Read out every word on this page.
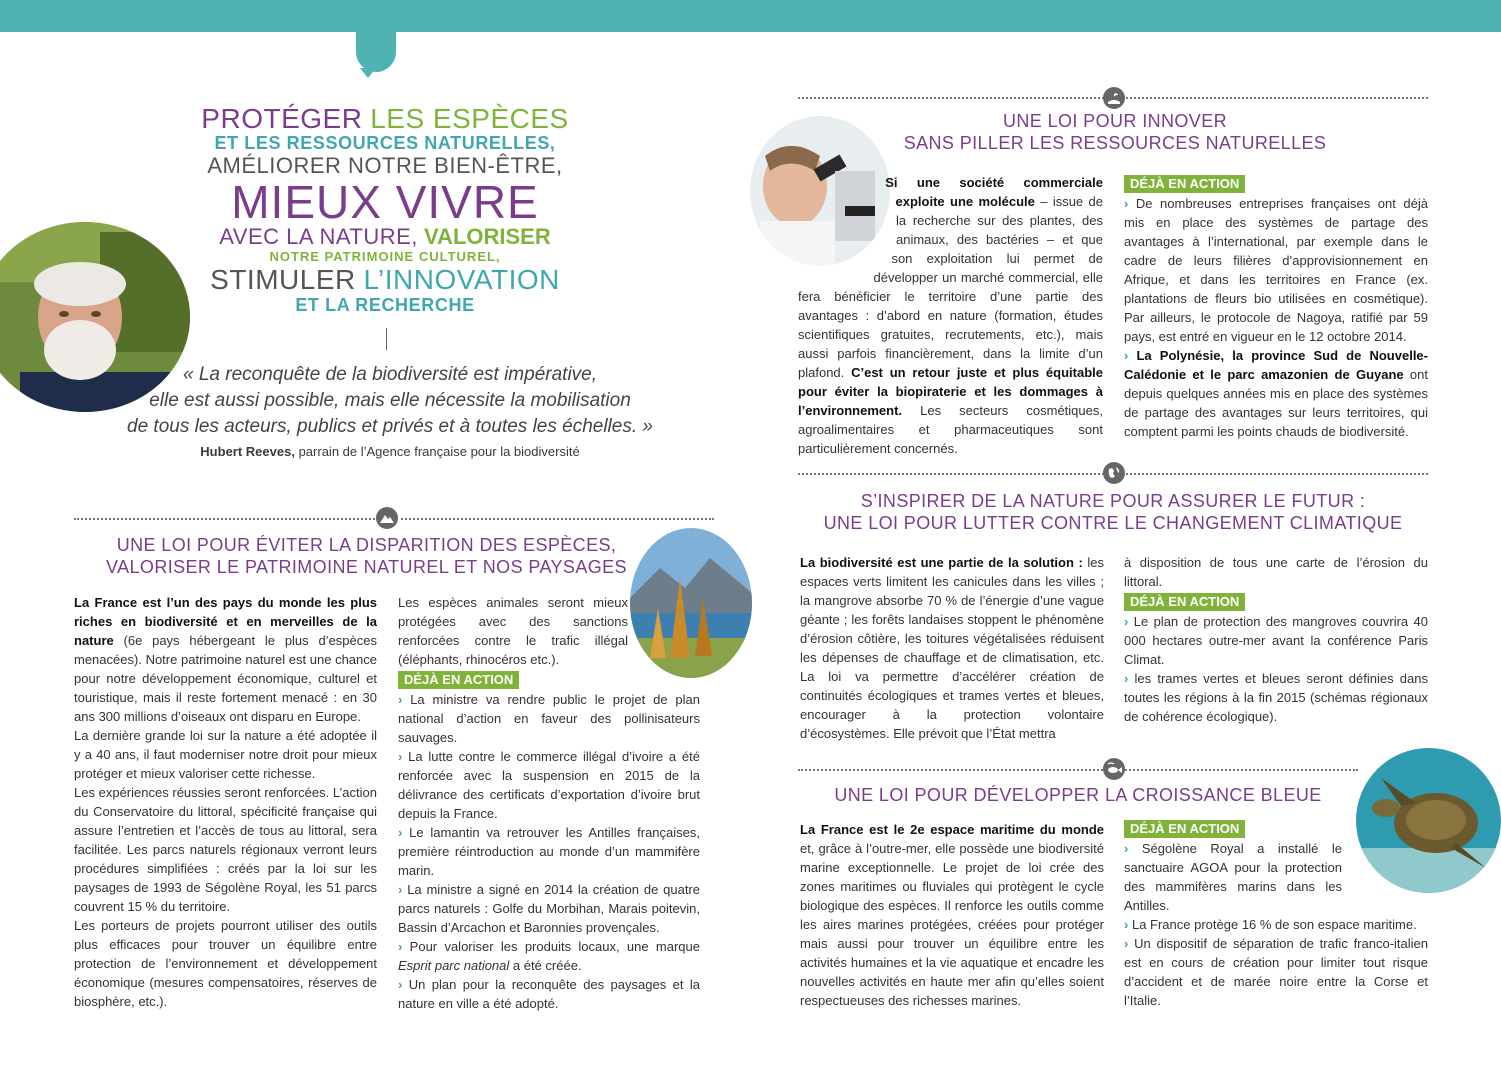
PROTÉGER LES ESPÈCES
ET LES RESSOURCES NATURELLES,
AMÉLIORER NOTRE BIEN-ÊTRE,
MIEUX VIVRE
AVEC LA NATURE, VALORISER
NOTRE PATRIMOINE CULTUREL,
STIMULER L’INNOVATION
ET LA RECHERCHE
« La reconquête de la biodiversité est impérative,
elle est aussi possible, mais elle nécessite la mobilisation
de tous les acteurs, publics et privés et à toutes les échelles. »
Hubert Reeves, parrain de l’Agence française pour la biodiversité
UNE LOI POUR ÉVITER LA DISPARITION DES ESPÈCES,
VALORISER LE PATRIMOINE NATUREL ET NOS PAYSAGES

La France est l’un des pays du monde les plus riches en biodiversité et en merveilles de la nature (6e pays hébergeant le plus d’espèces menacées). Notre patrimoine naturel est une chance pour notre développement économique, culturel et touristique, mais il reste fortement menacé : en 30 ans 300 millions d’oiseaux ont disparu en Europe.

La dernière grande loi sur la nature a été adoptée il y a 40 ans, il faut moderniser notre droit pour mieux protéger et mieux valoriser cette richesse.

Les expériences réussies seront renforcées. L’action du Conservatoire du littoral, spécificité française qui assure l’entretien et l’accès de tous au littoral, sera facilitée. Les parcs naturels régionaux verront leurs procédures simplifiées : créés par la loi sur les paysages de 1993 de Ségolène Royal, les 51 parcs couvrent 15 % du territoire.

Les porteurs de projets pourront utiliser des outils plus efficaces pour trouver un équilibre entre protection de l’environnement et développement économique (mesures compensatoires, réserves de biosphère, etc.).

Les espèces animales seront mieux protégées avec des sanctions renforcées contre le trafic illégal (éléphants, rhinocéros etc.).

DÉJÀ EN ACTION

› La ministre va rendre public le projet de plan national d’action en faveur des pollinisateurs sauvages.

› La lutte contre le commerce illégal d’ivoire a été renforcée avec la suspension en 2015 de la délivrance des certificats d’exportation d’ivoire brut depuis la France.

› Le lamantin va retrouver les Antilles françaises, première réintroduction au monde d’un mammifère marin.

› La ministre a signé en 2014 la création de quatre parcs naturels : Golfe du Morbihan, Marais poitevin, Bassin d’Arcachon et Baronnies provençales.

› Pour valoriser les produits locaux, une marque Esprit parc national a été créée.

› Un plan pour la reconquête des paysages et la nature en ville a été adopté.

UNE LOI POUR INNOVER
SANS PILLER LES RESSOURCES NATURELLES

Si une société commerciale exploite une molécule – issue de la recherche sur des plantes, des animaux, des bactéries – et que son exploitation lui permet de développer un marché commercial, elle fera bénéficier le territoire d’une partie des avantages : d’abord en nature (formation, études scientifiques gratuites, recrutements, etc.), mais aussi parfois financièrement, dans la limite d’un plafond. C’est un retour juste et plus équitable pour éviter la biopiraterie et les dommages à l’environnement. Les secteurs cosmétiques, agroalimentaires et pharmaceutiques sont particulièrement concernés.

DÉJÀ EN ACTION

› De nombreuses entreprises françaises ont déjà mis en place des systèmes de partage des avantages à l’international, par exemple dans le cadre de leurs filières d’approvisionnement en Afrique, et dans les territoires en France (ex. plantations de fleurs bio utilisées en cosmétique). Par ailleurs, le protocole de Nagoya, ratifié par 59 pays, est entré en vigueur en le 12 octobre 2014.

› La Polynésie, la province Sud de Nouvelle-Calédonie et le parc amazonien de Guyane ont depuis quelques années mis en place des systèmes de partage des avantages sur leurs territoires, qui comptent parmi les points chauds de biodiversité.

S’INSPIRER DE LA NATURE POUR ASSURER LE FUTUR :
UNE LOI POUR LUTTER CONTRE LE CHANGEMENT CLIMATIQUE

La biodiversité est une partie de la solution : les espaces verts limitent les canicules dans les villes ; la mangrove absorbe 70 % de l’énergie d’une vague géante ; les forêts landaises stoppent le phénomène d’érosion côtière, les toitures végétalisées réduisent les dépenses de chauffage et de climatisation, etc. La loi va permettre d’accélérer création de continuités écologiques et trames vertes et bleues, encourager à la protection volontaire d’écosystèmes. Elle prévoit que l’État mettra

à disposition de tous une carte de l’érosion du littoral.

DÉJÀ EN ACTION

› Le plan de protection des mangroves couvrira 40 000 hectares outre-mer avant la conférence Paris Climat.

› les trames vertes et bleues seront définies dans toutes les régions à la fin 2015 (schémas régionaux de cohérence écologique).

UNE LOI POUR DÉVELOPPER LA CROISSANCE BLEUE

La France est le 2e espace maritime du monde et, grâce à l’outre-mer, elle possède une biodiversité marine exceptionnelle. Le projet de loi crée des zones maritimes ou fluviales qui protègent le cycle biologique des espèces. Il renforce les outils comme les aires marines protégées, créées pour protéger mais aussi pour trouver un équilibre entre les activités humaines et la vie aquatique et encadre les nouvelles activités en haute mer afin qu’elles soient respectueuses des richesses marines.

DÉJÀ EN ACTION

› Ségolène Royal a installé le sanctuaire AGOA pour la protection des mammifères marins dans les Antilles.

› La France protège 16 % de son espace maritime.

› Un dispositif de séparation de trafic franco-italien est en cours de création pour limiter tout risque d’accident et de marée noire entre la Corse et l’Italie.
